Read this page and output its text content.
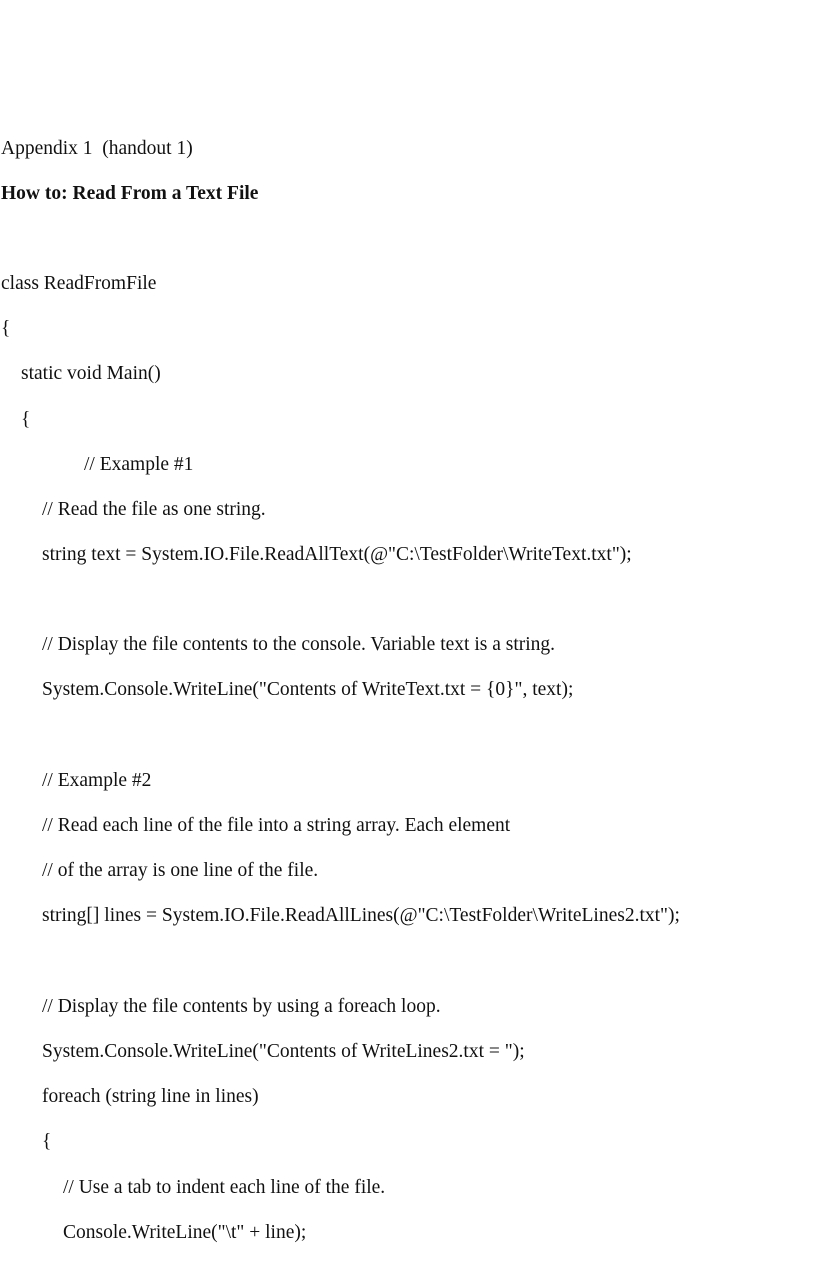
Appendix 1  (handout 1)
How to: Read From a Text File
class ReadFromFile
{
static void Main()
{
// Example #1
// Read the file as one string.
string text = System.IO.File.ReadAllText(@"C:\TestFolder\WriteText.txt");
// Display the file contents to the console. Variable text is a string.
System.Console.WriteLine("Contents of WriteText.txt = {0}", text);
// Example #2
// Read each line of the file into a string array. Each element
// of the array is one line of the file.
string[] lines = System.IO.File.ReadAllLines(@"C:\TestFolder\WriteLines2.txt");
// Display the file contents by using a foreach loop.
System.Console.WriteLine("Contents of WriteLines2.txt = ");
foreach (string line in lines)
{
// Use a tab to indent each line of the file.
Console.WriteLine("\t" + line);
